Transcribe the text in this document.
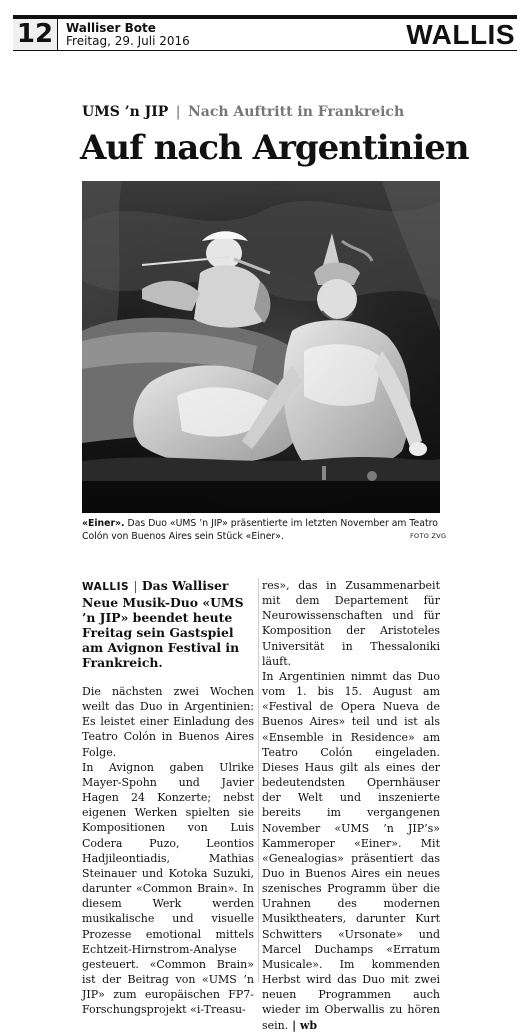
12	Walliser Bote
Freitag, 29. Juli 2016	WALLIS
UMS ’n JIP | Nach Auftritt in Frankreich
Auf nach Argentinien
«Einer». Das Duo «UMS ’n JIP» präsentierte im letzten November am Teatro Colón von Buenos Aires sein Stück «Einer».	FOTO ZVG
WALLIS | Das Walliser Neue Musik-Duo «UMS ’n JIP» beendet heute Freitag sein Gastspiel am Avignon Festival in Frankreich.
Die nächsten zwei Wochen weilt das Duo in Argentinien: Es leistet einer Einladung des Teatro Colón in Buenos Aires Folge.
In Avignon gaben Ulrike Mayer-Spohn und Javier Hagen 24 Konzerte; nebst eigenen Werken spielten sie Kompositionen von Luis Codera Puzo, Leontios Hadjileontiadis, Mathias Steinauer und Kotoka Suzuki, darunter «Common Brain». In diesem Werk werden musikalische und visuelle Prozesse emotional mittels Echtzeit-Hirnstrom-Analyse gesteuert. «Common Brain» ist der Beitrag von «UMS ’n JIP» zum europäischen FP7-Forschungsprojekt «i-Treasu-
res», das in Zusammenarbeit mit dem Departement für Neurowissenschaften und für Komposition der Aristoteles Universität in Thessaloniki läuft.
In Argentinien nimmt das Duo vom 1. bis 15. August am «Festival de Opera Nueva de Buenos Aires» teil und ist als «Ensemble in Residence» am Teatro Colón eingeladen. Dieses Haus gilt als eines der bedeutendsten Opernhäuser der Welt und inszenierte bereits im vergangenen November «UMS ’n JIP’s» Kammeroper «Einer». Mit «Genealogias» präsentiert das Duo in Buenos Aires ein neues szenisches Programm über die Urahnen des modernen Musiktheaters, darunter Kurt Schwitters «Ursonate» und Marcel Duchamps «Erratum Musicale». Im kommenden Herbst wird das Duo mit zwei neuen Programmen auch wieder im Oberwallis zu hören sein. | wb
